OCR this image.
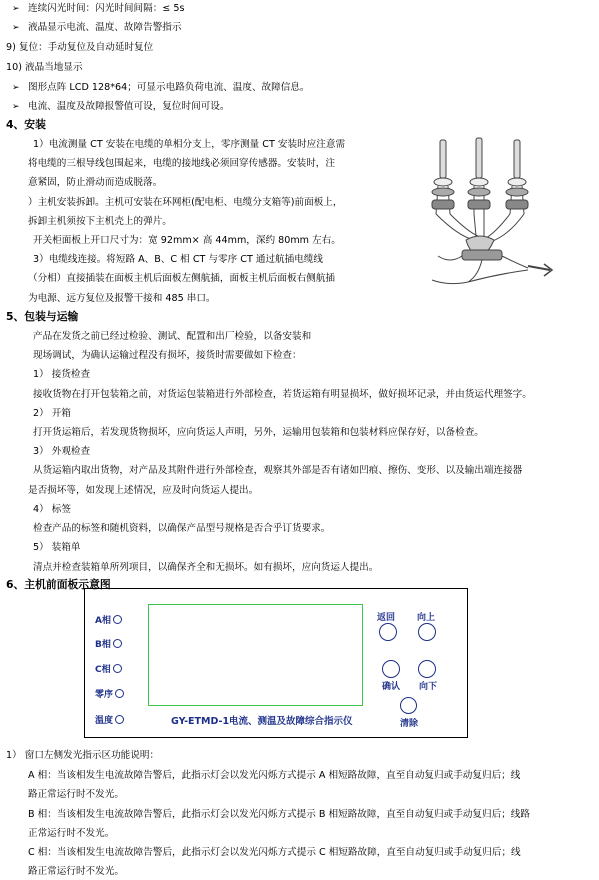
➢ 连续闪光时间：闪光时间间隔：≤ 5s
➢ 液晶显示电流、温度、故障告警指示
9) 复位：手动复位及自动延时复位
10) 液晶当地显示
➢ 图形点阵 LCD 128*64；可显示电路负荷电流、温度、故障信息。
➢ 电流、温度及故障报警值可设，复位时间可设。
4、安装
1）电流测量 CT 安装在电缆的单相分支上，零序测量 CT 安装时应注意需
将电缆的三根导线包围起来，电缆的接地线必须回穿传感器。安装时，注
意紧固，防止滑动而造成脱落。
）主机安装拆卸。主机可安装在环网柜(配电柜、电缆分支箱等)前面板上，
拆卸主机须按下主机壳上的弹片。
开关柜面板上开口尺寸为：宽 92mm× 高 44mm，深约 80mm 左右。
3）电缆线连接。将短路 A、B、C 相 CT 与零序 CT 通过航插电缆线
（分相）直接插装在面板主机后面板左侧航插，面板主机后面板右侧航插
为电源、远方复位及报警干接和 485 串口。
5、包装与运输
产品在发货之前已经过检验、测试、配置和出厂检验，以备安装和
现场调试，为确认运输过程没有损坏，接货时需要做如下检查：
1） 接货检查
接收货物在打开包装箱之前，对货运包装箱进行外部检查，若货运箱有明显损坏，做好损坏记录，并由货运代理签字。
2） 开箱
打开货运箱后，若发现货物损坏，应向货运人声明，另外，运输用包装箱和包装材料应保存好，以备检查。
3） 外观检查
从货运箱内取出货物，对产品及其附件进行外部检查，观察其外部是否有诸如凹痕、擦伤、变形、以及输出端连接器
是否损坏等，如发现上述情况，应及时向货运人提出。
4） 标签
检查产品的标签和随机资料，以确保产品型号规格是否合乎订货要求。
5） 装箱单
清点并检查装箱单所列项目，以确保齐全和无损坏。如有损坏，应向货运人提出。
6、主机前面板示意图
A相
B相
C相
零序
温度	GY-ETMD-1电流、测温及故障综合指示仪
返回 向上
确认 向下
清除
1） 窗口左侧发光指示区功能说明：
A 相：当该相发生电流故障告警后，此指示灯会以发光闪烁方式提示 A 相短路故障，直至自动复归或手动复归后；线
路正常运行时不发光。
B 相：当该相发生电流故障告警后，此指示灯会以发光闪烁方式提示 B 相短路故障，直至自动复归或手动复归后；线路
正常运行时不发光。
C 相：当该相发生电流故障告警后，此指示灯会以发光闪烁方式提示 C 相短路故障，直至自动复归或手动复归后；线
路正常运行时不发光。
